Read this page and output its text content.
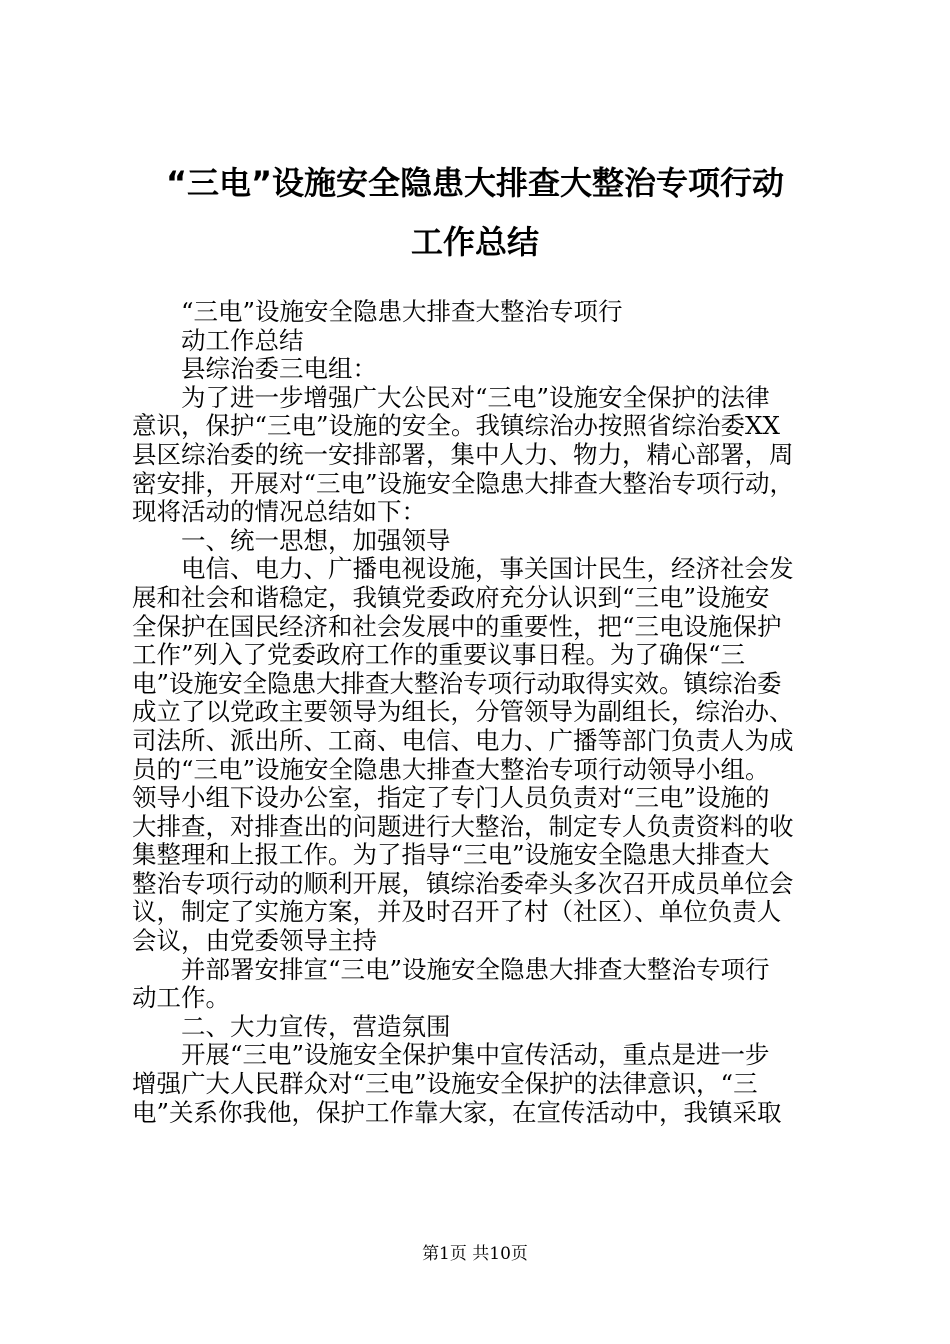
“三电”设施安全隐患大排查大整治专项行动
工作总结
“三电”设施安全隐患大排查大整治专项行
动工作总结
县综治委三电组：
为了进一步增强广大公民对“三电”设施安全保护的法律
意识，保护“三电”设施的安全。我镇综治办按照省综治委XX
县区综治委的统一安排部署，集中人力、物力，精心部署，周
密安排，开展对“三电”设施安全隐患大排查大整治专项行动，
现将活动的情况总结如下：
一、统一思想，加强领导
电信、电力、广播电视设施，事关国计民生，经济社会发
展和社会和谐稳定，我镇党委政府充分认识到“三电”设施安
全保护在国民经济和社会发展中的重要性，把“三电设施保护
工作”列入了党委政府工作的重要议事日程。为了确保“三
电”设施安全隐患大排查大整治专项行动取得实效。镇综治委
成立了以党政主要领导为组长，分管领导为副组长，综治办、
司法所、派出所、工商、电信、电力、广播等部门负责人为成
员的“三电”设施安全隐患大排查大整治专项行动领导小组。
领导小组下设办公室，指定了专门人员负责对“三电”设施的
大排查，对排查出的问题进行大整治，制定专人负责资料的收
集整理和上报工作。为了指导“三电”设施安全隐患大排查大
整治专项行动的顺利开展，镇综治委牵头多次召开成员单位会
议，制定了实施方案，并及时召开了村（社区）、单位负责人
会议，由党委领导主持
并部署安排宣“三电”设施安全隐患大排查大整治专项行
动工作。
二、大力宣传，营造氛围
开展“三电”设施安全保护集中宣传活动，重点是进一步
增强广大人民群众对“三电”设施安全保护的法律意识，“三
电”关系你我他，保护工作靠大家，在宣传活动中，我镇采取
第1页 共10页
